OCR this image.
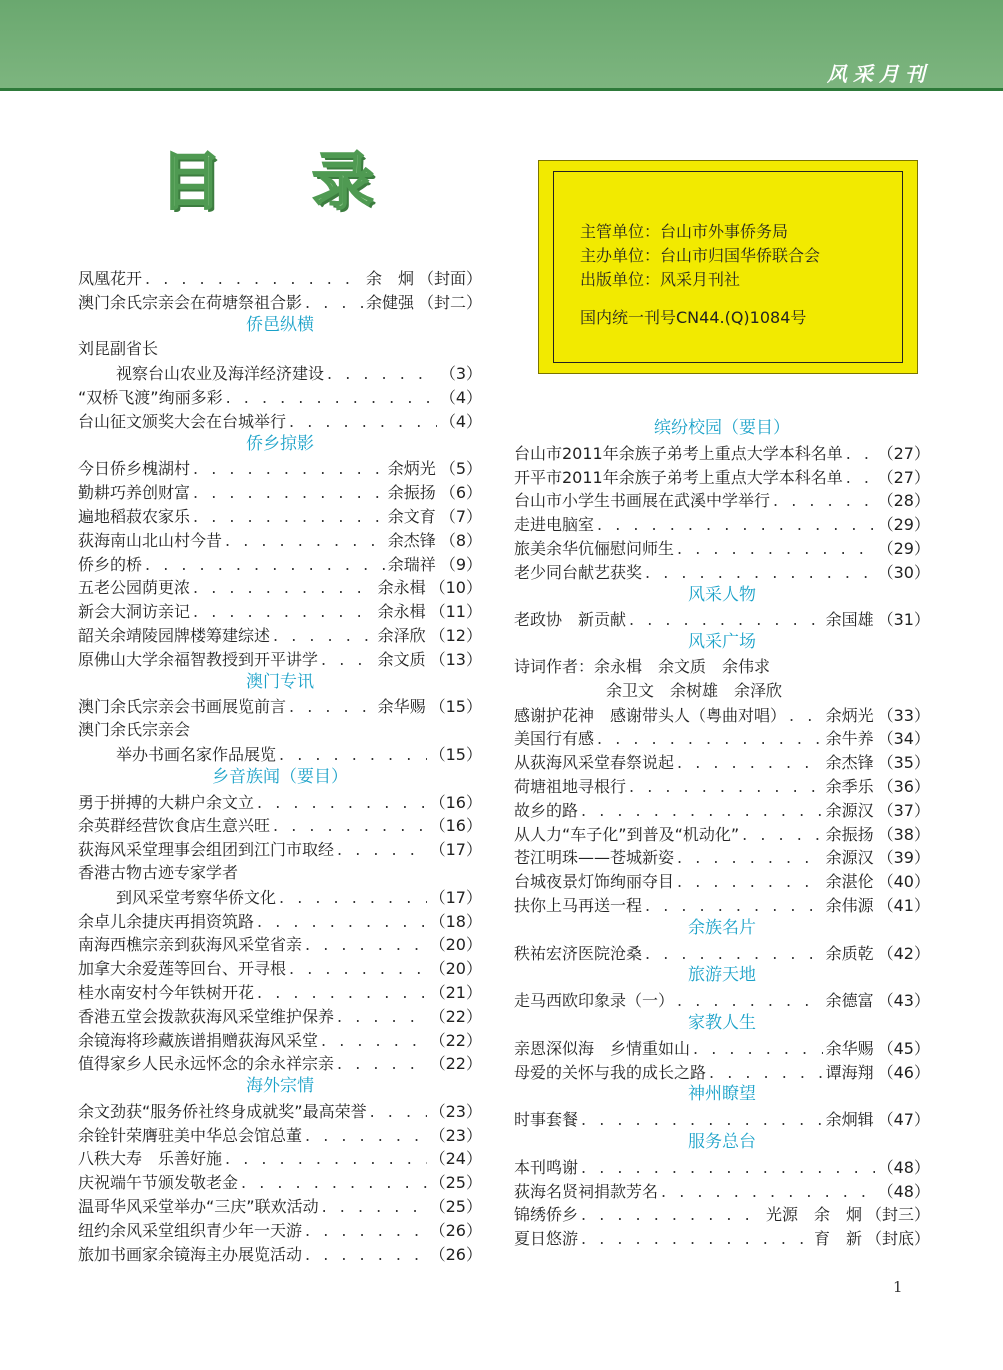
风采月刊
目录
主管单位：台山市外事侨务局
主办单位：台山市归国华侨联合会
出版单位：风采月刊社
国内统一刊号CN44.(Q)1084号
凤凰花开 . . .	余　炯 （封面）
澳门余氏宗亲会在荷塘祭祖合影 . . .	余健强 （封二）
侨邑纵横
刘昆副省长
视察台山农业及海洋经济建设 . . .	（3）
“双桥飞渡”绚丽多彩 . . .	（4）
台山征文颁奖大会在台城举行 . . .	（4）
侨乡掠影
今日侨乡槐湖村 . . .	余炳光 （5）
勤耕巧养创财富 . . .	余振扬 （6）
遍地稻菽农家乐 . . .	余文育 （7）
荻海南山北山村今昔 . . .	余杰锋 （8）
侨乡的桥 . . .	余瑞祥 （9）
五老公园荫更浓 . . .	余永楫 （10）
新会大洞访亲记 . . .	余永楫 （11）
韶关余靖陵园牌楼筹建综述 . . .	余泽欣 （12）
原佛山大学余福智教授到开平讲学 . . .	余文质 （13）
澳门专讯
澳门余氏宗亲会书画展览前言 . . .	余华赐 （15）
澳门余氏宗亲会
举办书画名家作品展览 . . .	（15）
乡音族闻（要目）
勇于拼搏的大耕户余文立 . . .	（16）
余英群经营饮食店生意兴旺 . . .	（16）
荻海风采堂理事会组团到江门市取经 . . .	（17）
香港古物古迹专家学者
到风采堂考察华侨文化 . . .	（17）
余卓儿余捷庆再捐资筑路 . . .	（18）
南海西樵宗亲到荻海风采堂省亲 . . .	（20）
加拿大余爱莲等回台、开寻根 . . .	（20）
桂水南安村今年铁树开花 . . .	（21）
香港五堂会拨款荻海风采堂维护保养 . . .	（22）
余镜海将珍藏族谱捐赠荻海风采堂 . . .	（22）
值得家乡人民永远怀念的余永祥宗亲 . . .	（22）
海外宗情
余文劲获“服务侨社终身成就奖”最高荣誉 . . .	（23）
余铨针荣膺驻美中华总会馆总董 . . .	（23）
八秩大寿　乐善好施 . . .	（24）
庆祝端午节颁发敬老金 . . .	（25）
温哥华风采堂举办“三庆”联欢活动 . . .	（25）
纽约余风采堂组织青少年一天游 . . .	（26）
旅加书画家余镜海主办展览活动 . . .	（26）
缤纷校园（要目）
台山市2011年余族子弟考上重点大学本科名单 . . . （27）
开平市2011年余族子弟考上重点大学本科名单 . . . （27）
台山市小学生书画展在武溪中学举行 . . .	（28）
走进电脑室 . . .	（29）
旅美余华伉俪慰问师生 . . .	（29）
老少同台献艺获奖 . . .	（30）
风采人物
老政协　新贡献 . . .	余国雄 （31）
风采广场
诗词作者：余永楫　余文质　余伟求
余卫文　余树雄　余泽欣
感谢护花神　感谢带头人（粤曲对唱） . . . 余炳光 （33）
美国行有感 . . .	余牛养 （34）
从荻海风采堂春祭说起 . . .	余杰锋 （35）
荷塘祖地寻根行 . . .	余季乐 （36）
故乡的路 . . .	余源汉 （37）
从人力“车子化”到普及“机动化” . . .	余振扬 （38）
苍江明珠——苍城新姿 . . .	余源汉 （39）
台城夜景灯饰绚丽夺目 . . .	余湛伦 （40）
扶你上马再送一程 . . .	余伟源 （41）
余族名片
秩祐宏济医院沧桑 . . .	余质乾 （42）
旅游天地
走马西欧印象录（一） . . .	余德富 （43）
家教人生
亲恩深似海　乡情重如山 . . .	余华赐 （45）
母爱的关怀与我的成长之路 . . .	谭海翔 （46）
神州瞭望
时事套餐 . . .	余炯辑 （47）
服务总台
本刊鸣谢 . . .	（48）
荻海名贤祠捐款芳名 . . .	（48）
锦绣侨乡 . . .	光源　余　炯 （封三）
夏日悠游 . . .	育　新 （封底）
1
